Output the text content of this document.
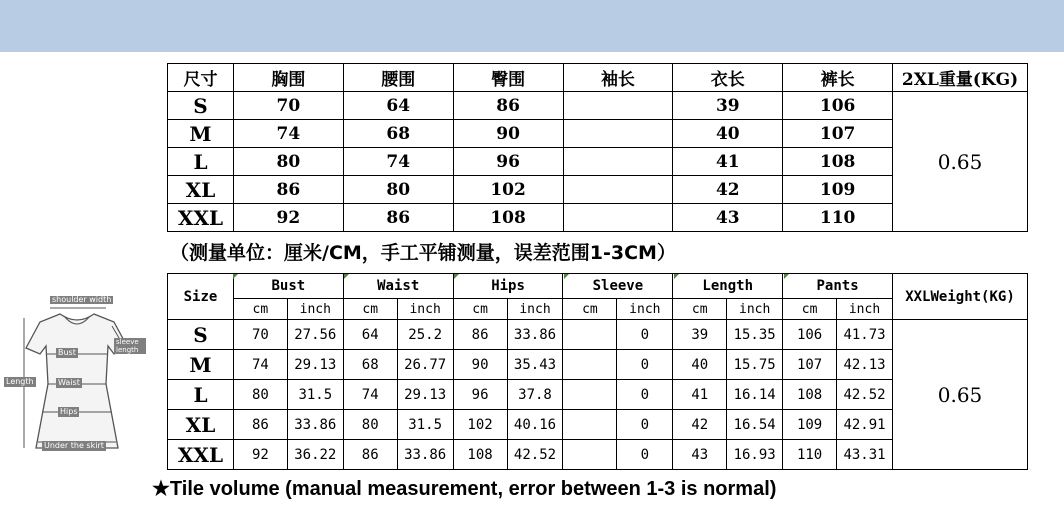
尺寸	胸围	腰围	臀围	袖长	衣长	裤长	2XL重量(KG)
S	70	64	86		39	106	0.65
M	74	68	90		40	107	
L	80	74	96		41	108	
XL	86	80	102		42	109	
XXL	92	86	108		43	110	
（测量单位：厘米/CM，手工平铺测量，误差范围1-3CM）
shoulder width
sleeve length
Bust
Length	Waist
Hips
Under the skirt
Size	Bust		Waist		Hips		Sleeve		Length		Pants		XXLWeight(KG)
	cm	inch	cm	inch	cm	inch	cm	inch	cm	inch	cm	inch	
S	70	27.56	64	25.2	86	33.86		0	39	15.35	106	41.73	0.65
M	74	29.13	68	26.77	90	35.43		0	40	15.75	107	42.13	
L	80	31.5	74	29.13	96	37.8		0	41	16.14	108	42.52	
XL	86	33.86	80	31.5	102	40.16		0	42	16.54	109	42.91	
XXL	92	36.22	86	33.86	108	42.52		0	43	16.93	110	43.31	
★Tile volume (manual measurement, error between 1-3 is normal)
